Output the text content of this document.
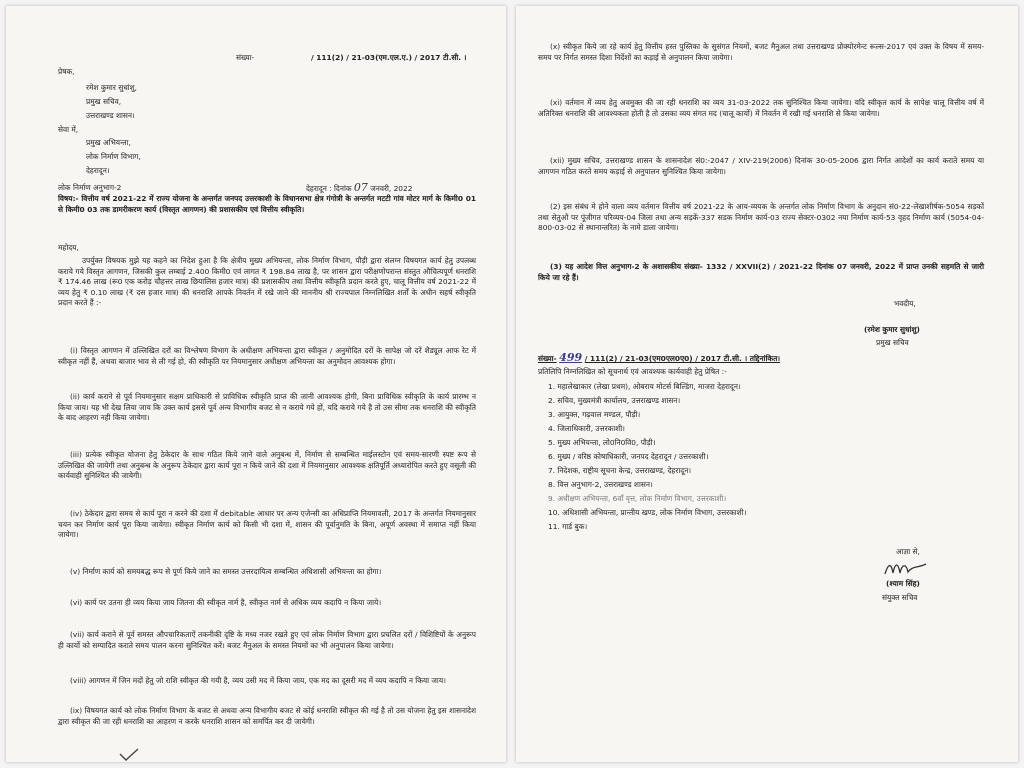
संख्या-	/ 111(2) / 21-03(एम.एल.ए.) / 2017 टी.सी. ।
प्रेषक,
रमेश कुमार सुधांशु,
प्रमुख सचिव,
उत्तराखण्ड शासन।
सेवा में,
प्रमुख अभियन्ता,
लोक निर्माण विभाग,
देहरादून।
लोक निर्माण अनुभाग-2	देहरादून : दिनांक 07 जनवरी, 2022
विषय:- वित्तीय वर्ष 2021-22 में राज्य योजना के अन्तर्गत जनपद उत्तरकाशी के विधानसभा क्षेत्र गंगोत्री के अन्तर्गत मटटी गांव मोटर मार्ग के किमी0 01 से किमी0 03 तक डामरीकरण कार्य (विस्तृत आगणन) की प्रशासकीय एवं वित्तीय स्वीकृति।
महोदय,
उपर्युक्त विषयक मुझे यह कहने का निदेश हुआ है कि क्षेत्रीय मुख्य अभियन्ता, लोक निर्माण विभाग, पौड़ी द्वारा संलग्न विषयगत कार्य हेतु उपलब्ध कराये गये विस्तृत आगणन, जिसकी कुल लम्बाई 2.400 किमी0 एवं लागत ₹ 198.84 लाख है, पर शासन द्वारा परीक्षणोपरान्त संस्तुत औचित्यपूर्ण धनराशि ₹ 174.46 लाख (रू0 एक करोड़ चौहत्तर लाख छियालिस हजार मात्र) की प्रशासकीय तथा वित्तीय स्वीकृति प्रदान करते हुए, चालू वित्तीय वर्ष 2021-22 में व्यय हेतु ₹ 0.10 लाख (₹ दस हजार मात्र) की धनराशि आपके निवर्तन में रखे जाने की माननीय श्री राज्यपाल निम्नलिखित शर्तों के अधीन सहर्ष स्वीकृति प्रदान करते हैं :-
(i) विस्तृत आगणन में उल्लिखित दरों का विश्लेषण विभाग के अधीक्षण अभियन्ता द्वारा स्वीकृत / अनुमोदित दरों के सापेक्ष जो दरें शैड्यूल आफ रेट में स्वीकृत नहीं हैं, अथवा बाजार भाव से ली गई हो, की स्वीकृति पर नियमानुसार अधीक्षण अभियन्ता का अनुमोदन आवश्यक होगा।
(ii) कार्य कराने से पूर्व नियमानुसार सक्षम प्राधिकारी से प्राविधिक स्वीकृति प्राप्त की जानी आवश्यक होगी, बिना प्राविधिक स्वीकृति के कार्य प्रारम्भ न किया जाय। यह भी देख लिया जाय कि उक्त कार्य इससे पूर्व अन्य विभागीय बजट से न कराये गये हों, यदि कराये गये है तो उस सीमा तक धनराशि की स्वीकृति के बाद आहरण नही किया जायेगा।
(iii) प्रत्येक स्वीकृत योजना हेतु ठेकेदार के साथ गठित किये जाने वाले अनुबन्ध में, निर्माण से सम्बन्धित माईलस्टोन एवं समय-सारणी स्पष्ट रूप से उल्लिखित की जायेगी तथा अनुबन्ध के अनुरूप ठेकेदार द्वारा कार्य पूरा न किये जाने की दशा में नियमानुसार आवश्यक क्षतिपूर्ति अध्यारोपित करते हुए वसूली की कार्यवाही सुनिश्चित की जायेगी।
(iv) ठेकेदार द्वारा समय से कार्य पूरा न करने की दशा में debitable आधार पर अन्य एजेन्सी का अधिप्राप्ति नियमावली, 2017 के अन्तर्गत नियमानुसार चयन कर निर्माण कार्य पूरा किया जायेगा। स्वीकृत निर्माण कार्य को किसी भी दशा में, शासन की पूर्वानुमति के बिना, अपूर्ण अवस्था में समाप्त नहीं किया जायेगा।
(v) निर्माण कार्य को समयबद्ध रूप से पूर्ण किये जाने का समस्त उत्तरदायित्व सम्बन्धित अधिशासी अभियन्ता का होगा।
(vi) कार्य पर उतना ही व्यय किया जाय जितना की स्वीकृत नार्म है, स्वीकृत नार्म से अधिक व्यय कदापि न किया जाये।
(vii) कार्य कराने से पूर्व समस्त औपचारिकताऐं तकनीकी दृष्टि के मध्य नजर रखते हुए एवं लोक निर्माण विभाग द्वारा प्रचलित दरों / विशिष्टियों के अनुरूप ही कार्यो को सम्पादित कराते समय पालन करना सुनिश्चित करें। बजट मैनुअल के समस्त नियमों का भी अनुपालन किया जायेगा।
(viii) आगणन में जिन मदों हेतु जो राशि स्वीकृत की गयी है, व्यय उसी मद में किया जाय, एक मद का दूसरी मद में व्यय कदापि न किया जाय।
(ix) विषयगत कार्य को लोक निर्माण विभाग के बजट से अथवा अन्य विभागीय बजट से कोई धनराशि स्वीकृत की गई है तो उस योजना हेतु इस शासनादेश द्वारा स्वीकृत की जा रही धनराशि का आहरण न करके धनराशि शासन को समर्पित कर दी जायेगी।
(x) स्वीकृत किये जा रहे कार्य हेतु वित्तीय हस्त पुस्तिका के सुसंगत नियमों, बजट मैनुअल तथा उत्तराखण्ड प्रोक्योरमेन्ट रूल्स-2017 एवं उक्त के विषय में समय-समय पर निर्गत समस्त दिशा निर्देशों का कड़ाई से अनुपालन किया जायेगा।
(xi) वर्तमान में व्यय हेतु अवमुक्त की जा रही धनराशि का व्यय 31-03-2022 तक सुनिश्चित किया जायेगा। यदि स्वीकृत कार्य के सापेक्ष चालू वित्तीय वर्ष में अतिरिक्त धनराशि की आवश्यकता होती है तो उसका व्यय संगत मद (चालू कार्यो) में निवर्तन में रखी गई धनराशि से किया जायेगा।
(xii) मुख्य सचिव, उत्तराखण्ड शासन के शासनादेश सं0:-2047 / XIV-219(2006) दिनांक 30-05-2006 द्वारा निर्गत आदेशों का कार्य कराते समय या आगणन गठित करते समय कड़ाई से अनुपालन सुनिश्चित किया जायेगा।
(2) इस संबंध मे होने वाला व्यय वर्तमान वित्तीय वर्ष 2021-22 के आय-व्ययक के अन्तर्गत लोक निर्माण विभाग के अनुदान सं0-22-लेखाशीर्षक-5054 सड़कों तथा सेतुओं पर पूंजीगत परिव्यय-04 जिला तथा अन्य सड़कें-337 सडक निर्माण कार्य-03 राज्य सेक्टर-0302 नया निर्माण कार्य-53 वृहद निर्माण कार्य (5054-04-800-03-02 से स्थानान्तरित) के नामे डाला जायेगा।
(3) यह आदेश वित्त अनुभाग-2 के अशासकीय संख्या- 1332 / XXVII(2) / 2021-22 दिनांक 07 जनवरी, 2022 में प्राप्त उनकी सहमति से जारी किये जा रहे हैं।
भवदीय,
(रमेश कुमार सुधांशु)
प्रमुख सचिव
संख्या- 499 / 111(2) / 21-03(एम0एल0ए0) / 2017 टी.सी. । तद्दिनांकित।
प्रतिलिपि निम्नलिखित को सूचनार्थ एवं आवश्यक कार्यवाही हेतु प्रेषित :-
1. महालेखाकार (लेखा प्रथम), ओबराय मोटर्स बिल्डिंग, माजरा देहरादून।
2. सचिव, मुख्यमंत्री कार्यालय, उत्तराखण्ड शासन।
3. आयुक्त, गढ़वाल मण्डल, पौड़ी।
4. जिलाधिकारी, उत्तरकाशी।
5. मुख्य अभियन्ता, लो0नि0वि0, पौड़ी।
6. मुख्य / वरिष्ठ कोषाधिकारी, जनपद देहरादून / उत्तरकाशी।
7. निदेशक, राष्ट्रीय सूचना केन्द्र, उत्तराखण्ड, देहरादून।
8. वित्त अनुभाग-2, उत्तराखण्ड शासन।
9. अधीक्षण अभियन्ता, 6वाँ वृत्त, लोक निर्माण विभाग, उत्तरकाशी।
10. अधिशासी अभियन्ता, प्रान्तीय खण्ड, लोक निर्माण विभाग, उत्तरकाशी।
11. गार्ड बुक।
आज्ञा से,
(श्याम सिंह)
संयुक्त सचिव
